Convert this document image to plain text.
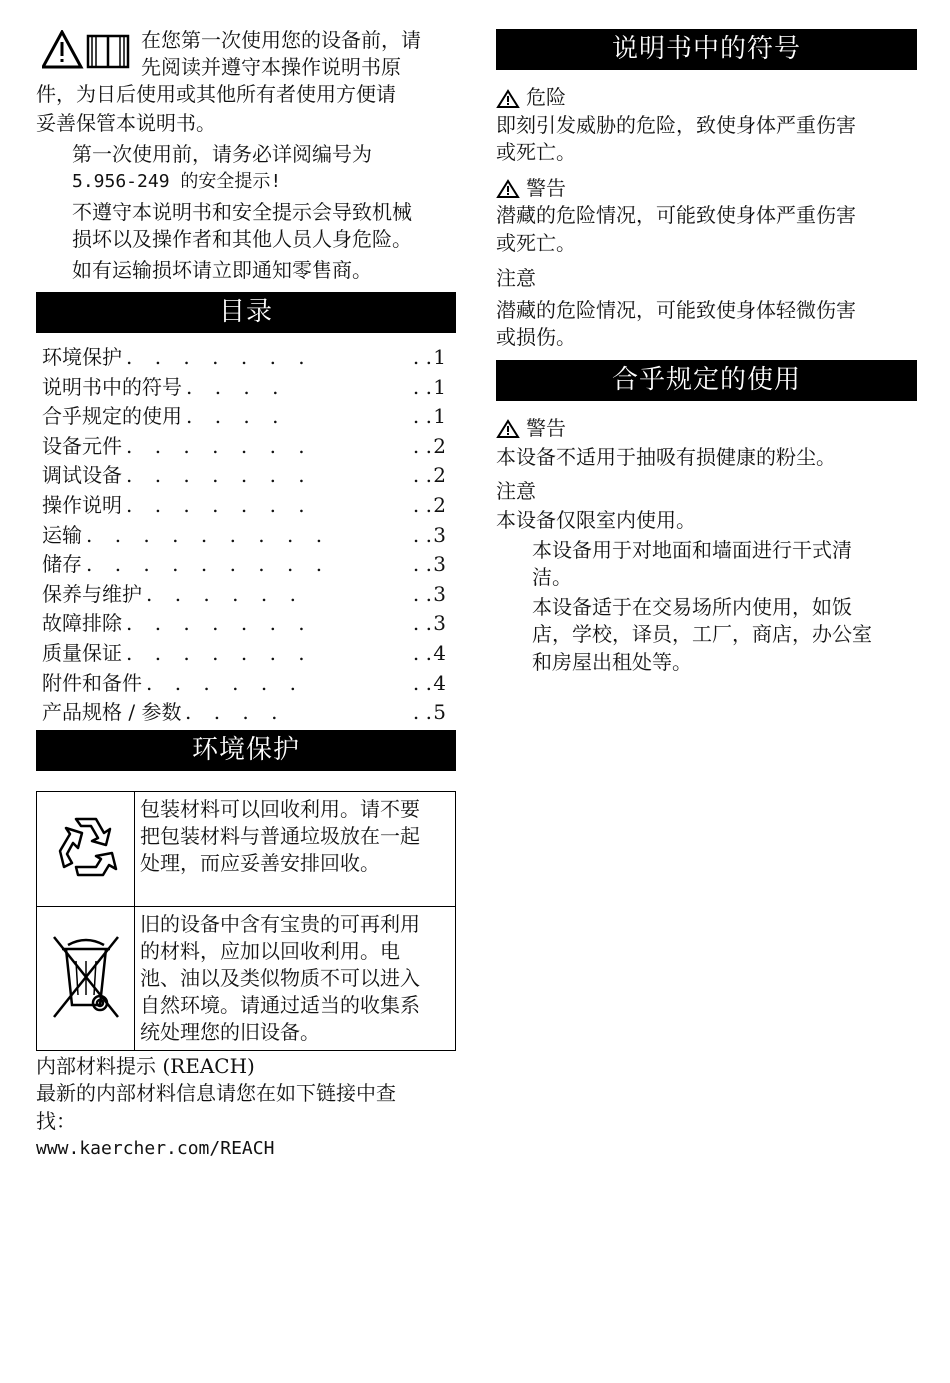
在您第一次使用您的设备前，请

先阅读并遵守本操作说明书原

件，为日后使用或其他所有者使用方便请

妥善保管本说明书。

第一次使用前，请务必详阅编号为

5.956-249 的安全提示!

不遵守本说明书和安全提示会导致机械

损坏以及操作者和其他人员人身危险。

如有运输损坏请立即通知零售商。

目录
环境保护 . . . . . . .	. . 1
说明书中的符号 . . . .	. . 1
合乎规定的使用 . . . .	. . 1
设备元件 . . . . . . .	. . 2
调试设备 . . . . . . .	. . 2
操作说明 . . . . . . .	. . 2
运输 . . . . . . . . .	. . 3
储存 . . . . . . . . .	. . 3
保养与维护 . . . . . .	. . 3
故障排除 . . . . . . .	. . 3
质量保证 . . . . . . .	. . 4
附件和备件 . . . . . .	. . 4
产品规格 / 参数 . . . .	. . 5
环境保护

包装材料可以回收利用。请不要
把包装材料与普通垃圾放在一起
处理，而应妥善安排回收。

旧的设备中含有宝贵的可再利用
的材料，应加以回收利用。电
池、油以及类似物质不可以进入
自然环境。请通过适当的收集系
统处理您的旧设备。

内部材料提示 (REACH)

最新的内部材料信息请您在如下链接中查

找：

www.kaercher.com/REACH

说明书中的符号

危险

即刻引发威胁的危险，致使身体严重伤害

或死亡。

警告

潜藏的危险情况，可能致使身体严重伤害

或死亡。

注意

潜藏的危险情况，可能致使身体轻微伤害

或损伤。

合乎规定的使用

警告

本设备不适用于抽吸有损健康的粉尘。

注意

本设备仅限室内使用。

本设备用于对地面和墙面进行干式清

洁。

本设备适于在交易场所内使用，如饭

店，学校，译员，工厂，商店，办公室

和房屋出租处等。
